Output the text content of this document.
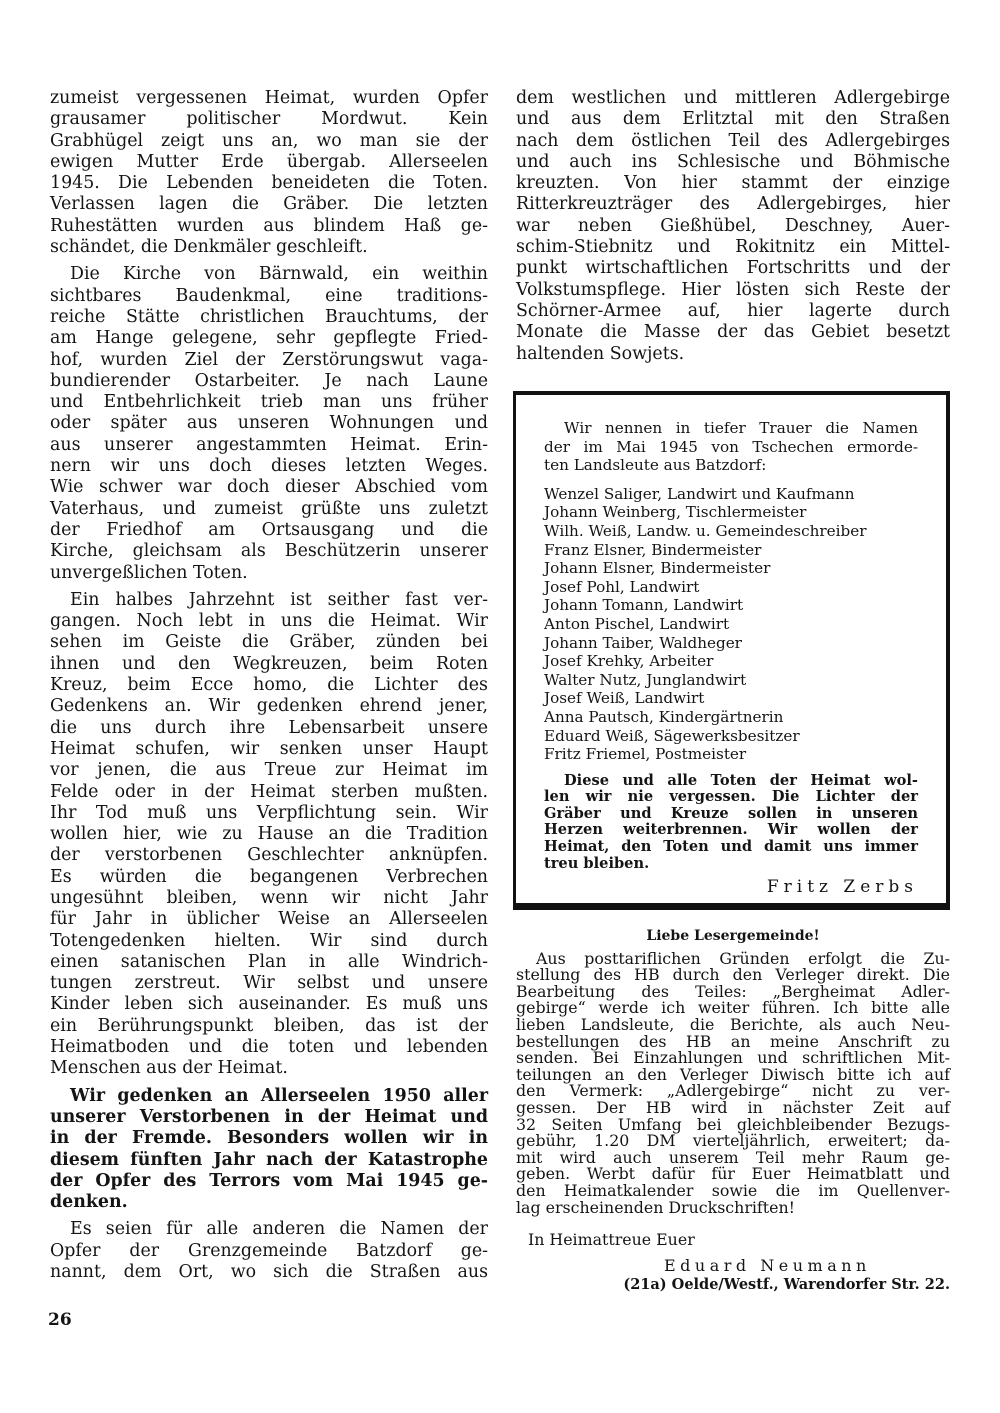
zumeist vergessenen Heimat, wurden Opfer
grausamer politischer Mordwut. Kein
Grabhügel zeigt uns an, wo man sie der
ewigen Mutter Erde übergab. Allerseelen
1945. Die Lebenden beneideten die Toten.
Verlassen lagen die Gräber. Die letzten
Ruhestätten wurden aus blindem Haß ge-
schändet, die Denkmäler geschleift.
Die Kirche von Bärnwald, ein weithin
sichtbares Baudenkmal, eine traditions-
reiche Stätte christlichen Brauchtums, der
am Hange gelegene, sehr gepflegte Fried-
hof, wurden Ziel der Zerstörungswut vaga-
bundierender Ostarbeiter. Je nach Laune
und Entbehrlichkeit trieb man uns früher
oder später aus unseren Wohnungen und
aus unserer angestammten Heimat. Erin-
nern wir uns doch dieses letzten Weges.
Wie schwer war doch dieser Abschied vom
Vaterhaus, und zumeist grüßte uns zuletzt
der Friedhof am Ortsausgang und die
Kirche, gleichsam als Beschützerin unserer
unvergeßlichen Toten.
Ein halbes Jahrzehnt ist seither fast ver-
gangen. Noch lebt in uns die Heimat. Wir
sehen im Geiste die Gräber, zünden bei
ihnen und den Wegkreuzen, beim Roten
Kreuz, beim Ecce homo, die Lichter des
Gedenkens an. Wir gedenken ehrend jener,
die uns durch ihre Lebensarbeit unsere
Heimat schufen, wir senken unser Haupt
vor jenen, die aus Treue zur Heimat im
Felde oder in der Heimat sterben mußten.
Ihr Tod muß uns Verpflichtung sein. Wir
wollen hier, wie zu Hause an die Tradition
der verstorbenen Geschlechter anknüpfen.
Es würden die begangenen Verbrechen
ungesühnt bleiben, wenn wir nicht Jahr
für Jahr in üblicher Weise an Allerseelen
Totengedenken hielten. Wir sind durch
einen satanischen Plan in alle Windrich-
tungen zerstreut. Wir selbst und unsere
Kinder leben sich auseinander. Es muß uns
ein Berührungspunkt bleiben, das ist der
Heimatboden und die toten und lebenden
Menschen aus der Heimat.
Wir gedenken an Allerseelen 1950 aller
unserer Verstorbenen in der Heimat und
in der Fremde. Besonders wollen wir in
diesem fünften Jahr nach der Katastrophe
der Opfer des Terrors vom Mai 1945 ge-
denken.
Es seien für alle anderen die Namen der
Opfer der Grenzgemeinde Batzdorf ge-
nannt, dem Ort, wo sich die Straßen aus
dem westlichen und mittleren Adlergebirge
und aus dem Erlitztal mit den Straßen
nach dem östlichen Teil des Adlergebirges
und auch ins Schlesische und Böhmische
kreuzten. Von hier stammt der einzige
Ritterkreuzträger des Adlergebirges, hier
war neben Gießhübel, Deschney, Auer-
schim-Stiebnitz und Rokitnitz ein Mittel-
punkt wirtschaftlichen Fortschritts und der
Volkstumspflege. Hier lösten sich Reste der
Schörner-Armee auf, hier lagerte durch
Monate die Masse der das Gebiet besetzt
haltenden Sowjets.
Wir nennen in tiefer Trauer die Namen
der im Mai 1945 von Tschechen ermorde-
ten Landsleute aus Batzdorf:
Wenzel Saliger, Landwirt und Kaufmann
Johann Weinberg, Tischlermeister
Wilh. Weiß, Landw. u. Gemeindeschreiber
Franz Elsner, Bindermeister
Johann Elsner, Bindermeister
Josef Pohl, Landwirt
Johann Tomann, Landwirt
Anton Pischel, Landwirt
Johann Taiber, Waldheger
Josef Krehky, Arbeiter
Walter Nutz, Junglandwirt
Josef Weiß, Landwirt
Anna Pautsch, Kindergärtnerin
Eduard Weiß, Sägewerksbesitzer
Fritz Friemel, Postmeister
Diese und alle Toten der Heimat wol-
len wir nie vergessen. Die Lichter der
Gräber und Kreuze sollen in unseren
Herzen weiterbrennen. Wir wollen der
Heimat, den Toten und damit uns immer
treu bleiben.
Fritz Zerbs
Liebe Lesergemeinde!
Aus posttariflichen Gründen erfolgt die Zu-
stellung des HB durch den Verleger direkt. Die
Bearbeitung des Teiles: „Bergheimat Adler-
gebirge“ werde ich weiter führen. Ich bitte alle
lieben Landsleute, die Berichte, als auch Neu-
bestellungen des HB an meine Anschrift zu
senden. Bei Einzahlungen und schriftlichen Mit-
teilungen an den Verleger Diwisch bitte ich auf
den Vermerk: „Adlergebirge“ nicht zu ver-
gessen. Der HB wird in nächster Zeit auf
32 Seiten Umfang bei gleichbleibender Bezugs-
gebühr, 1.20 DM vierteljährlich, erweitert; da-
mit wird auch unserem Teil mehr Raum ge-
geben. Werbt dafür für Euer Heimatblatt und
den Heimatkalender sowie die im Quellenver-
lag erscheinenden Druckschriften!
In Heimattreue Euer
Eduard Neumann
(21a) Oelde/Westf., Warendorfer Str. 22.
26
